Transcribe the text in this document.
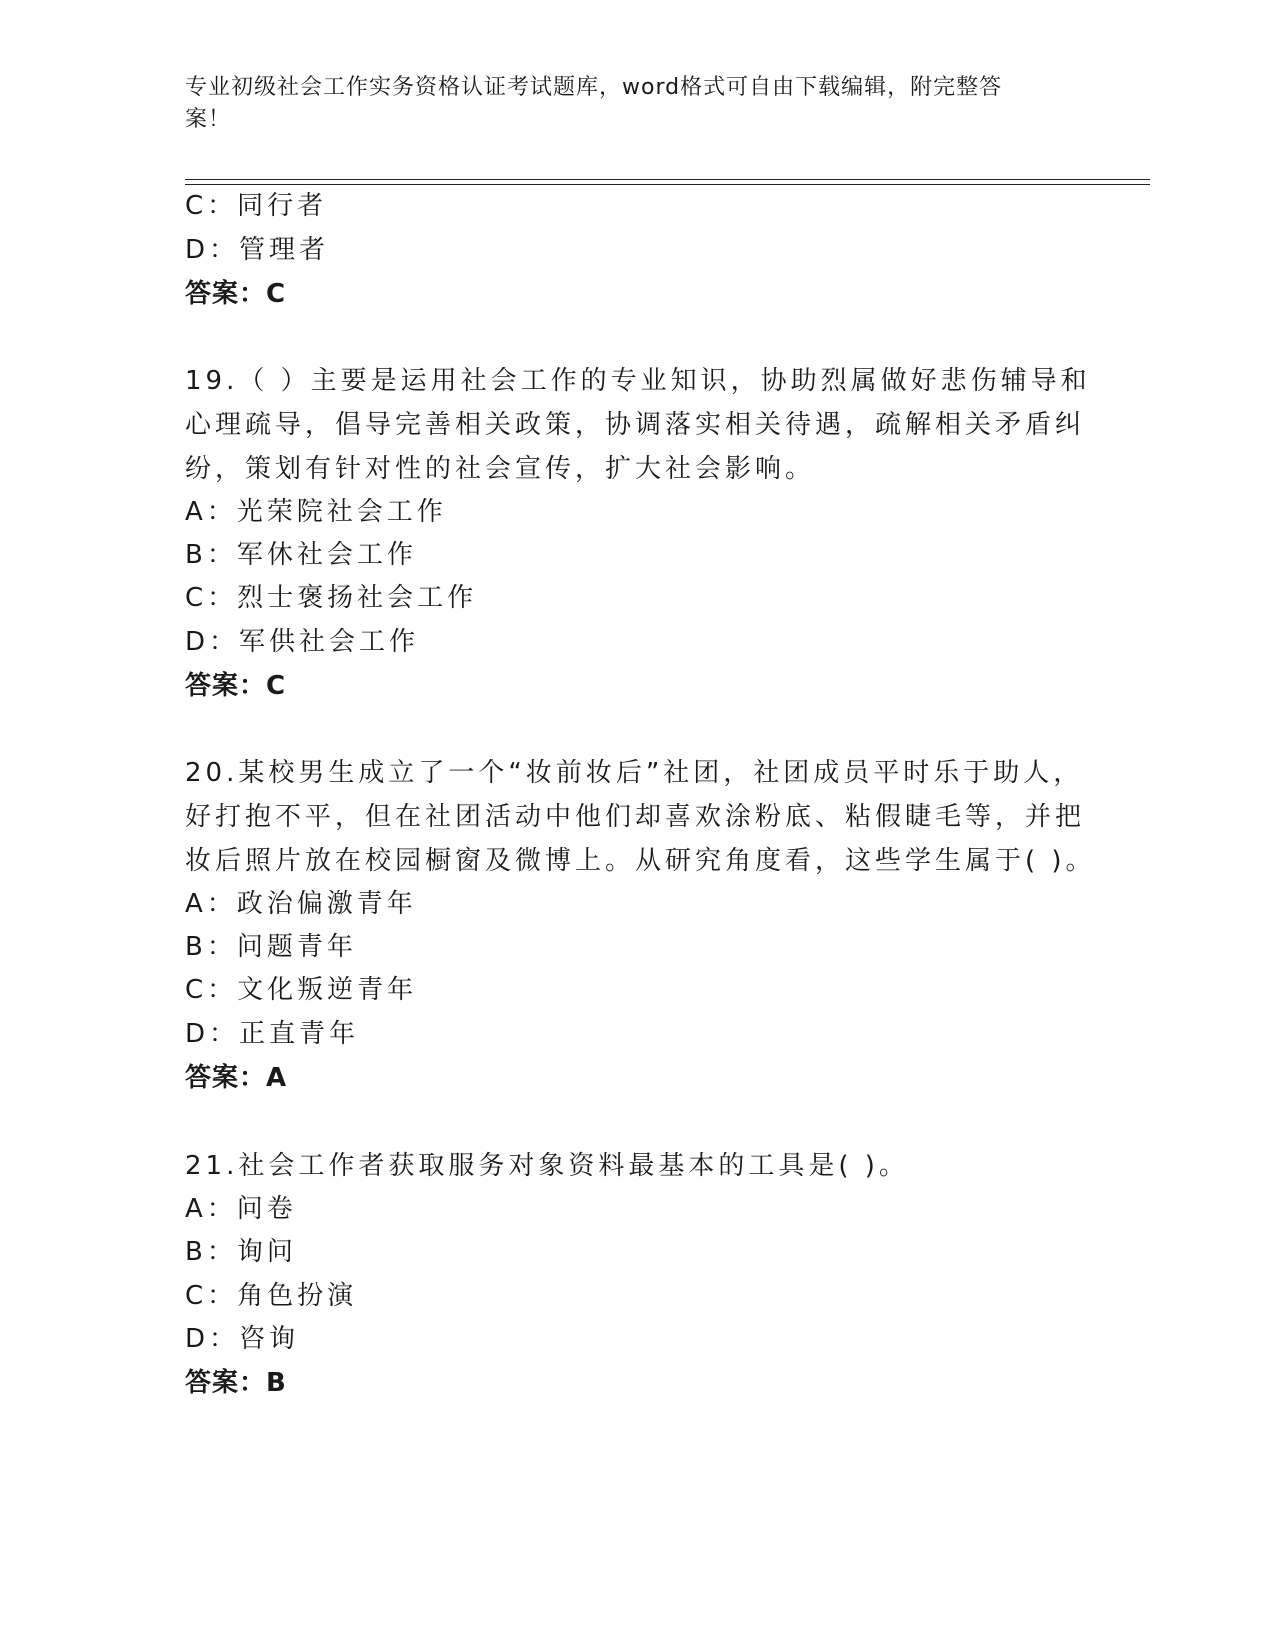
专业初级社会工作实务资格认证考试题库，word格式可自由下载编辑，附完整答
案！
C：同行者
D：管理者
答案：C
19.（ ）主要是运用社会工作的专业知识，协助烈属做好悲伤辅导和
心理疏导，倡导完善相关政策，协调落实相关待遇，疏解相关矛盾纠
纷，策划有针对性的社会宣传，扩大社会影响。
A：光荣院社会工作
B：军休社会工作
C：烈士褒扬社会工作
D：军供社会工作
答案：C
20.某校男生成立了一个“妆前妆后”社团，社团成员平时乐于助人，
好打抱不平，但在社团活动中他们却喜欢涂粉底、粘假睫毛等，并把
妆后照片放在校园橱窗及微博上。从研究角度看，这些学生属于( )。
A：政治偏激青年
B：问题青年
C：文化叛逆青年
D：正直青年
答案：A
21.社会工作者获取服务对象资料最基本的工具是( )。
A：问卷
B：询问
C：角色扮演
D：咨询
答案：B
